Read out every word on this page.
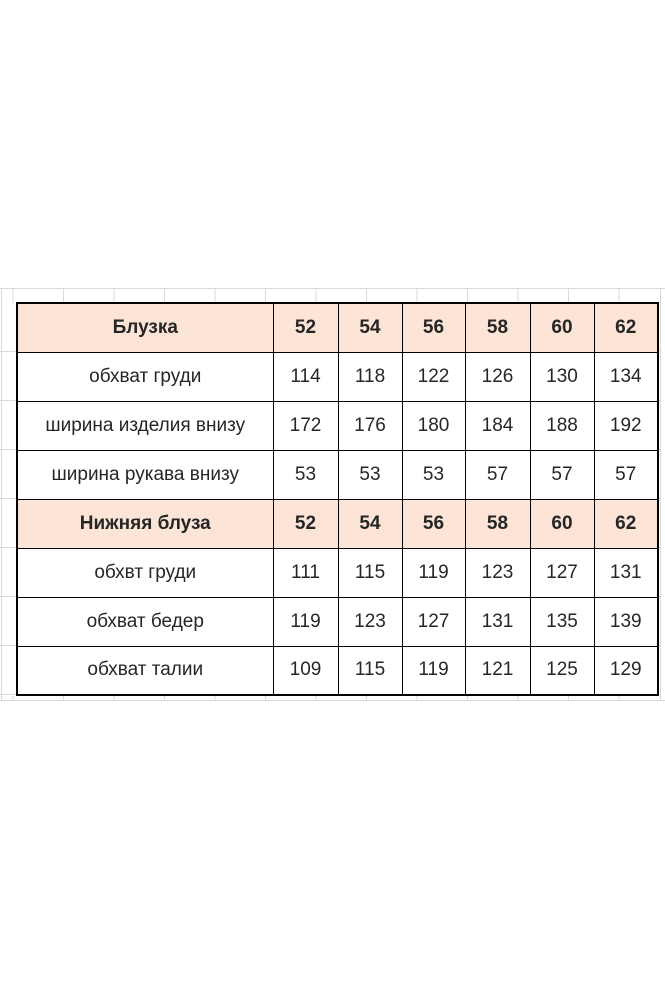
Блузка	52	54	56	58	60	62
обхват груди	114	118	122	126	130	134
ширина изделия внизу	172	176	180	184	188	192
ширина рукава внизу	53	53	53	57	57	57
Нижняя блуза	52	54	56	58	60	62
обхвт груди	111	115	119	123	127	131
обхват бедер	119	123	127	131	135	139
обхват талии	109	115	119	121	125	129
